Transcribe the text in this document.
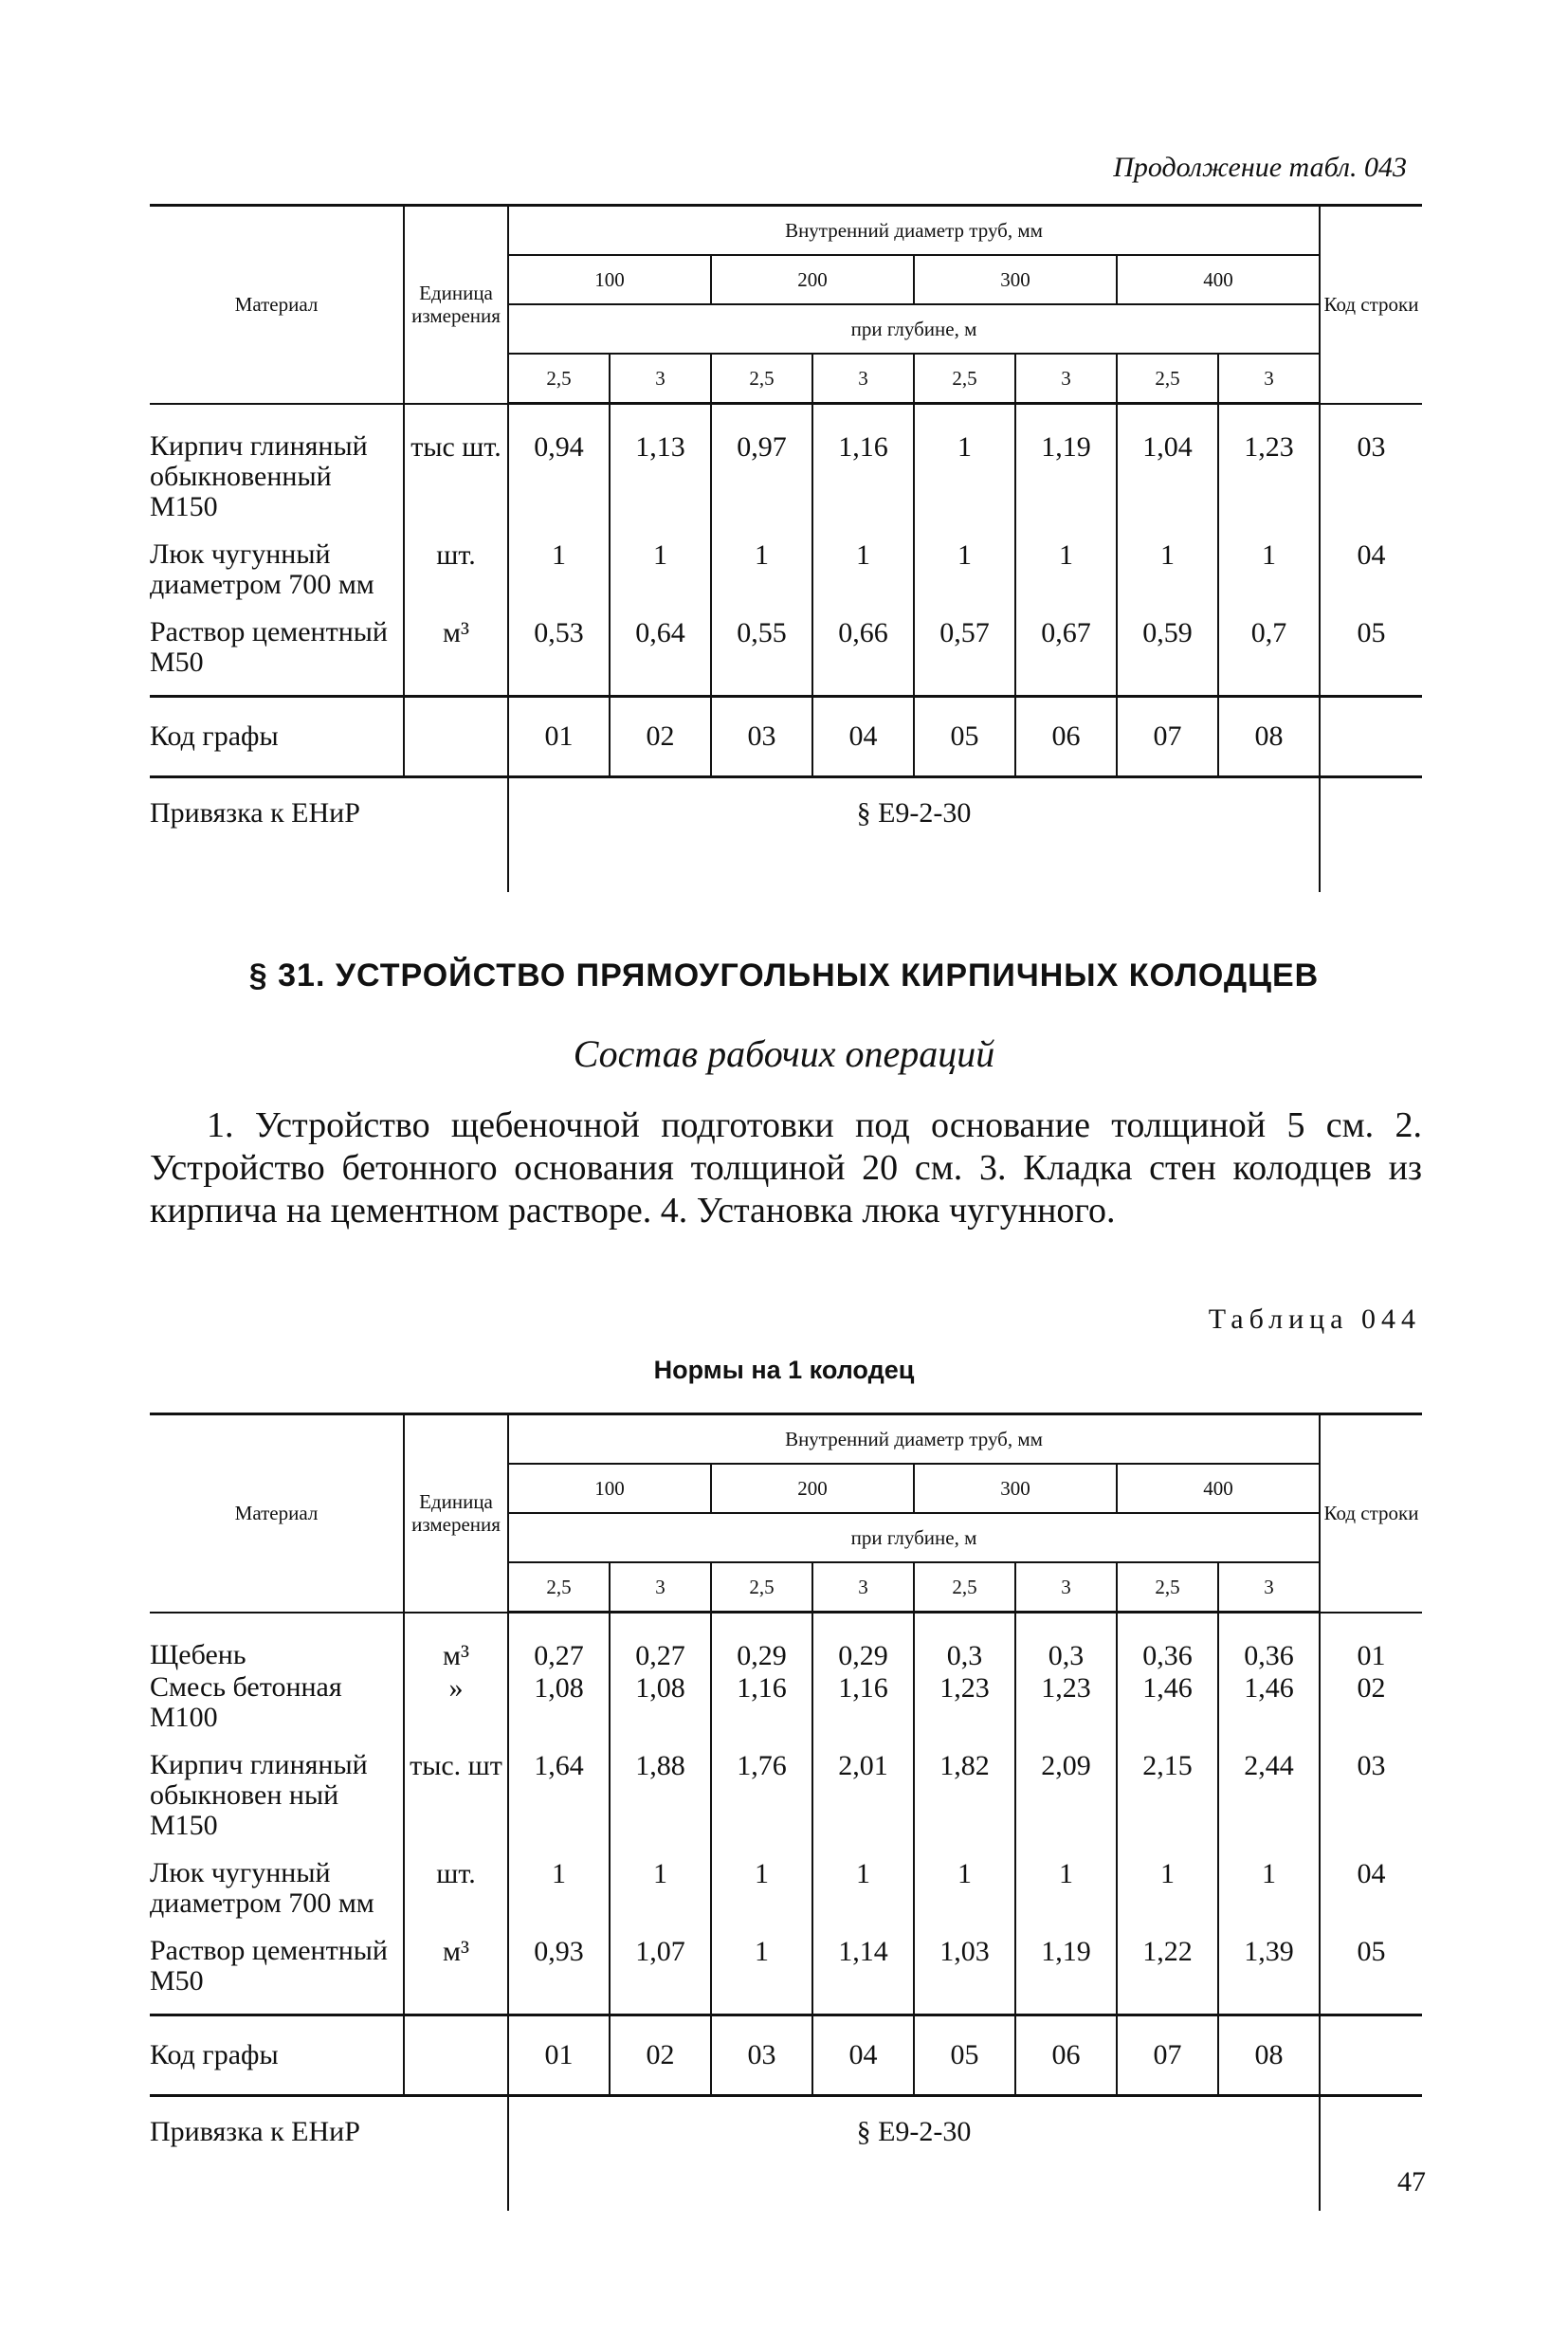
Продолжение табл. 043
Материал	Единица измерения	Внутренний диаметр труб, мм								Код строки
		100		200		300		400		
		при глубине, м								
		2,5	3	2,5	3	2,5	3	2,5	3	
Кирпич глиняный обыкновенный М150	тыс шт.	0,94	1,13	0,97	1,16	1	1,19	1,04	1,23	03
Люк чугунный диаметром 700 мм	шт.	1	1	1	1	1	1	1	1	04
Раствор цементный М50	м³	0,53	0,64	0,55	0,66	0,57	0,67	0,59	0,7	05
Код графы		01	02	03	04	05	06	07	08	
Привязка к ЕНиР		§ Е9-2-30								
§ 31. УСТРОЙСТВО ПРЯМОУГОЛЬНЫХ КИРПИЧНЫХ КОЛОДЦЕВ
Состав рабочих операций
1. Устройство щебеночной подготовки под основание толщиной 5 см. 2. Устройство бетонного основания толщиной 20 см. 3. Кладка стен колодцев из кирпича на цементном растворе. 4. Установка люка чугунного.
Таблица 044
Нормы на 1 колодец
Материал	Единица измерения	Внутренний диаметр труб, мм								Код строки
		100		200		300		400		
		при глубине, м								
		2,5	3	2,5	3	2,5	3	2,5	3	
Щебень	м³	0,27	0,27	0,29	0,29	0,3	0,3	0,36	0,36	01
Смесь бетонная М100	»	1,08	1,08	1,16	1,16	1,23	1,23	1,46	1,46	02
Кирпич глиняный обыкновен ный М150	тыс. шт	1,64	1,88	1,76	2,01	1,82	2,09	2,15	2,44	03
Люк чугунный диаметром 700 мм	шт.	1	1	1	1	1	1	1	1	04
Раствор цементный М50	м³	0,93	1,07	1	1,14	1,03	1,19	1,22	1,39	05
Код графы		01	02	03	04	05	06	07	08	
Привязка к ЕНиР		§ Е9-2-30								
47
